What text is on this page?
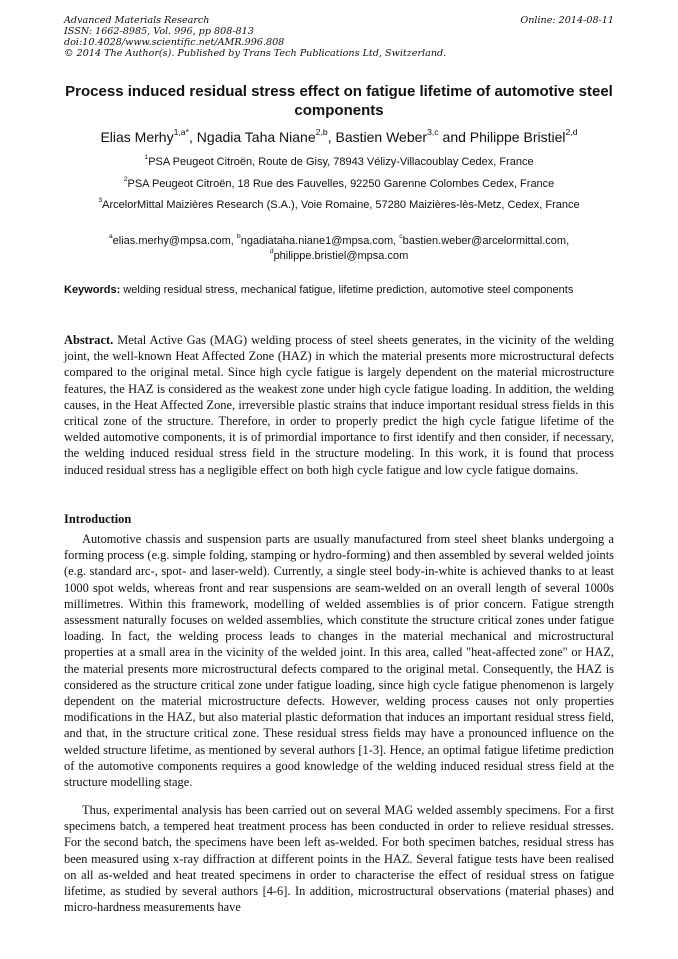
Advanced Materials Research	Online: 2014-08-11
ISSN: 1662-8985, Vol. 996, pp 808-813
doi:10.4028/www.scientific.net/AMR.996.808
© 2014 The Author(s). Published by Trans Tech Publications Ltd, Switzerland.
Process induced residual stress effect on fatigue lifetime of automotive steel components
Elias Merhy$^{1,a*}$, Ngadia Taha Niane$^{2,b}$, Bastien Weber$^{3,c}$ and Philippe Bristiel$^{2,d}$
$^1$PSA Peugeot Citroën, Route de Gisy, 78943 Vélizy-Villacoublay Cedex, France
$^2$PSA Peugeot Citroën, 18 Rue des Fauvelles, 92250 Garenne Colombes Cedex, France
$^3$ArcelorMittal Maizières Research (S.A.), Voie Romaine, 57280 Maizières-lès-Metz, Cedex, France
$^a$elias.merhy@mpsa.com, $^b$ngadiataha.niane1@mpsa.com, $^c$bastien.weber@arcelormittal.com,
$^d$philippe.bristiel@mpsa.com
Keywords: welding residual stress, mechanical fatigue, lifetime prediction, automotive steel components
Abstract. Metal Active Gas (MAG) welding process of steel sheets generates, in the vicinity of the welding joint, the well-known Heat Affected Zone (HAZ) in which the material presents more microstructural defects compared to the original metal. Since high cycle fatigue is largely dependent on the material microstructure features, the HAZ is considered as the weakest zone under high cycle fatigue loading. In addition, the welding causes, in the Heat Affected Zone, irreversible plastic strains that induce important residual stress fields in this critical zone of the structure. Therefore, in order to properly predict the high cycle fatigue lifetime of the welded automotive components, it is of primordial importance to first identify and then consider, if necessary, the welding induced residual stress field in the structure modeling. In this work, it is found that process induced residual stress has a negligible effect on both high cycle fatigue and low cycle fatigue domains.
Introduction

Automotive chassis and suspension parts are usually manufactured from steel sheet blanks undergoing a forming process (e.g. simple folding, stamping or hydro-forming) and then assembled by several welded joints (e.g. standard arc-, spot- and laser-weld). Currently, a single steel body-in-white is achieved thanks to at least 1000 spot welds, whereas front and rear suspensions are seam-welded on an overall length of several 1000s millimetres. Within this framework, modelling of welded assemblies is of prior concern. Fatigue strength assessment naturally focuses on welded assemblies, which constitute the structure critical zones under fatigue loading. In fact, the welding process leads to changes in the material mechanical and microstructural properties at a small area in the vicinity of the welded joint. In this area, called "heat-affected zone" or HAZ, the material presents more microstructural defects compared to the original metal. Consequently, the HAZ is considered as the structure critical zone under fatigue loading, since high cycle fatigue phenomenon is largely dependent on the material microstructure defects. However, welding process causes not only properties modifications in the HAZ, but also material plastic deformation that induces an important residual stress field, and that, in the structure critical zone. These residual stress fields may have a pronounced influence on the welded structure lifetime, as mentioned by several authors [1-3]. Hence, an optimal fatigue lifetime prediction of the automotive components requires a good knowledge of the welding induced residual stress field at the structure modelling stage.

Thus, experimental analysis has been carried out on several MAG welded assembly specimens. For a first specimens batch, a tempered heat treatment process has been conducted in order to relieve residual stresses. For the second batch, the specimens have been left as-welded. For both specimen batches, residual stress has been measured using x-ray diffraction at different points in the HAZ. Several fatigue tests have been realised on all as-welded and heat treated specimens in order to characterise the effect of residual stress on fatigue lifetime, as studied by several authors [4-6]. In addition, microstructural observations (material phases) and micro-hardness measurements have
